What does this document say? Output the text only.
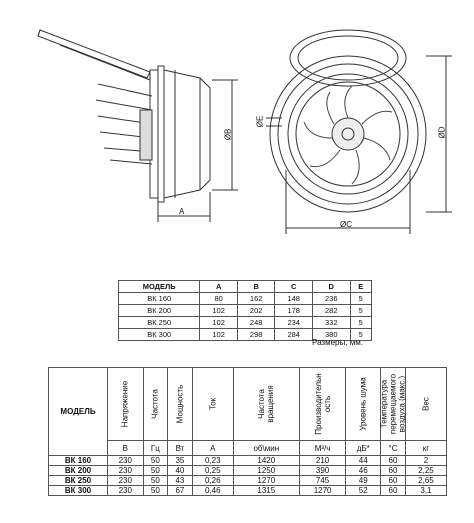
A
ØB
ØC
ØD
ØE
МОДЕЛЬ	A	B	C	D	E
ВК 160	80	162	148	236	5
ВК 200	102	202	178	282	5
ВК 250	102	248	234	332	5
ВК 300	102	298	284	380	5
Размеры, мм.
МОДЕЛЬ	Напряжение	Частота	Мощность	Ток	Частота вращения	Производительность	Уровень шума	Температура перемещаемого воздуха (макс.)	Вес

	В	Гц	Вт	А	об\мин	М³/ч	дБ*	°С	кг
ВК 160	230	50	35	0,23	1420	210	44	60	2
ВК 200	230	50	40	0,25	1250	390	46	60	2,25
ВК 250	230	50	43	0,26	1270	745	49	60	2,65
ВК 300	230	50	67	0,46	1315	1270	52	60	3,1
